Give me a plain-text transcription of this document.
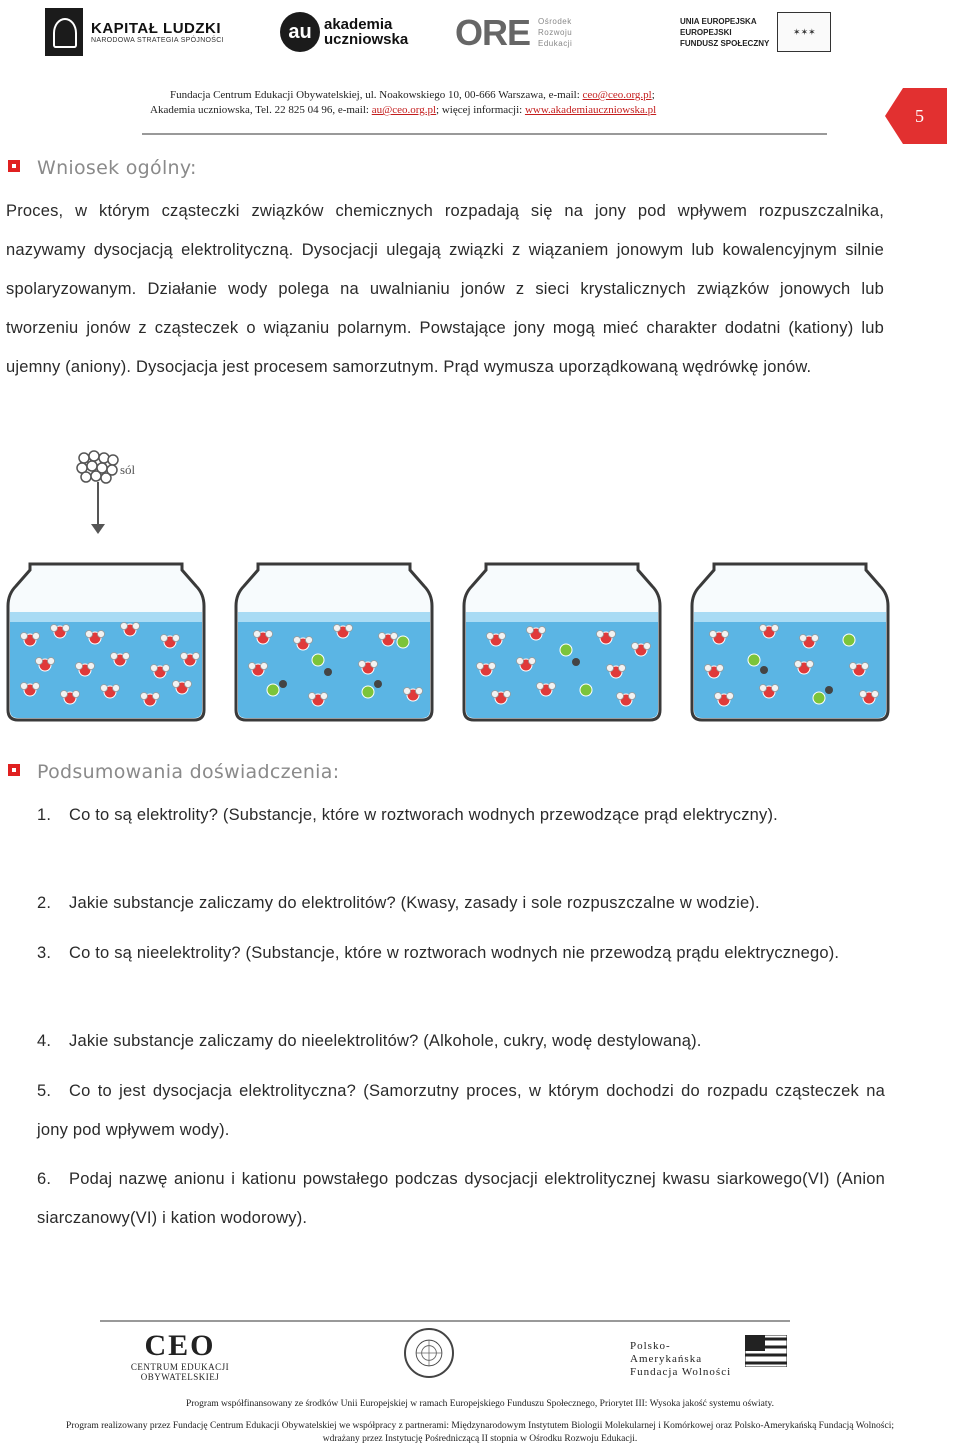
KAPITAŁ LUDZKI
NARODOWA STRATEGIA SPÓJNOŚCI	au akademia
uczniowska ORE Ośrodek
Rozwoju
Edukacji
UNIA EUROPEJSKA
EUROPEJSKI
FUNDUSZ SPOŁECZNY
✶✶✶
Fundacja Centrum Edukacji Obywatelskiej, ul. Noakowskiego 10, 00-666 Warszawa, e-mail: ceo@ceo.org.pl;
Akademia uczniowska, Tel. 22 825 04 96, e-mail: au@ceo.org.pl; więcej informacji: www.akademiauczniowska.pl	5
Wniosek ogólny:
Proces, w którym cząsteczki związków chemicznych rozpadają się na jony pod wpływem rozpuszczalnika, nazywamy dysocjacją elektrolityczną. Dysocjacji ulegają związki z wiązaniem jonowym lub kowalencyjnym silnie spolaryzowanym. Działanie wody polega na uwalnianiu jonów z sieci krystalicznych związków jonowych lub tworzeniu jonów z cząsteczek o wiązaniu polarnym. Powstające jony mogą mieć charakter dodatni (kationy) lub ujemny (aniony). Dysocjacja jest procesem samorzutnym. Prąd wymusza uporządkowaną wędrówkę jonów.
sól
Podsumowania doświadczenia:
1. Co to są elektrolity? (Substancje, które w roztworach wodnych przewodzące prąd elektryczny).
2. Jakie substancje zaliczamy do elektrolitów? (Kwasy, zasady i sole rozpuszczalne w wodzie).
3. Co to są nieelektrolity? (Substancje, które w roztworach wodnych nie przewodzą prądu elektrycznego).
4. Jakie substancje zaliczamy do nieelektrolitów? (Alkohole, cukry, wodę destylowaną).
5. Co to jest dysocjacja elektrolityczna? (Samorzutny proces, w którym dochodzi do rozpadu cząsteczek na jony pod wpływem wody).
6. Podaj nazwę anionu i kationu powstałego podczas dysocjacji elektrolitycznej kwasu siarkowego(VI) (Anion siarczanowy(VI) i kation wodorowy).
CEO
CENTRUM EDUKACJI OBYWATELSKIEJ
Polsko-Amerykańska
Fundacja Wolności
Program współfinansowany ze środków Unii Europejskiej w ramach Europejskiego Funduszu Społecznego, Priorytet III: Wysoka jakość systemu oświaty.
Program realizowany przez Fundację Centrum Edukacji Obywatelskiej we współpracy z partnerami: Międzynarodowym Instytutem Biologii Molekularnej i Komórkowej oraz Polsko-Amerykańską Fundacją Wolności;
wdrażany przez Instytucję Pośredniczącą II stopnia w Ośrodku Rozwoju Edukacji.
